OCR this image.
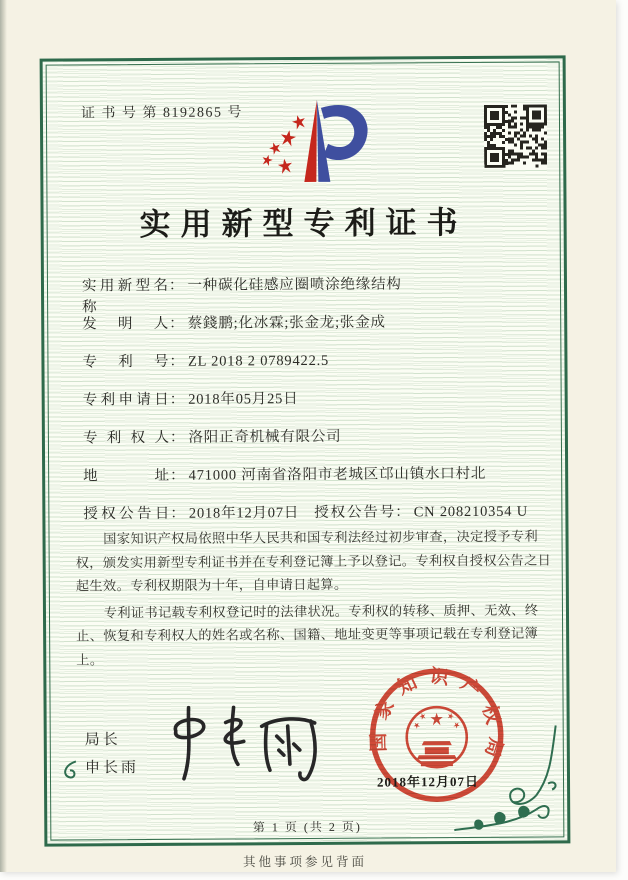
证 书 号 第 8192865 号
实用新型专利证书
实用新型名称
： 一种碳化硅感应圈喷涂绝缘结构
发明人 ： 蔡錢鹏;化冰霖;张金龙;张金成
专利号 ： ZL 2018 2 0789422.5
专利申请日 ： 2018年05月25日
专利权人 ： 洛阳正奇机械有限公司
地址 ： 471000 河南省洛阳市老城区邙山镇水口村北
授权公告日 ： 2018年12月07日 授权公告号 ： CN 208210354 U

国家知识产权局依照中华人民共和国专利法经过初步审查，决定授予专利权，颁发实用新型专利证书并在专利登记簿上予以登记。专利权自授权公告之日起生效。专利权期限为十年，自申请日起算。

专利证书记载专利权登记时的法律状况。专利权的转移、质押、无效、终止、恢复和专利权人的姓名或名称、国籍、地址变更等事项记载在专利登记簿上。

局长
申长雨
国家知识产权局
2018年12月07日
第 1 页 (共 2 页)
其他事项参见背面
